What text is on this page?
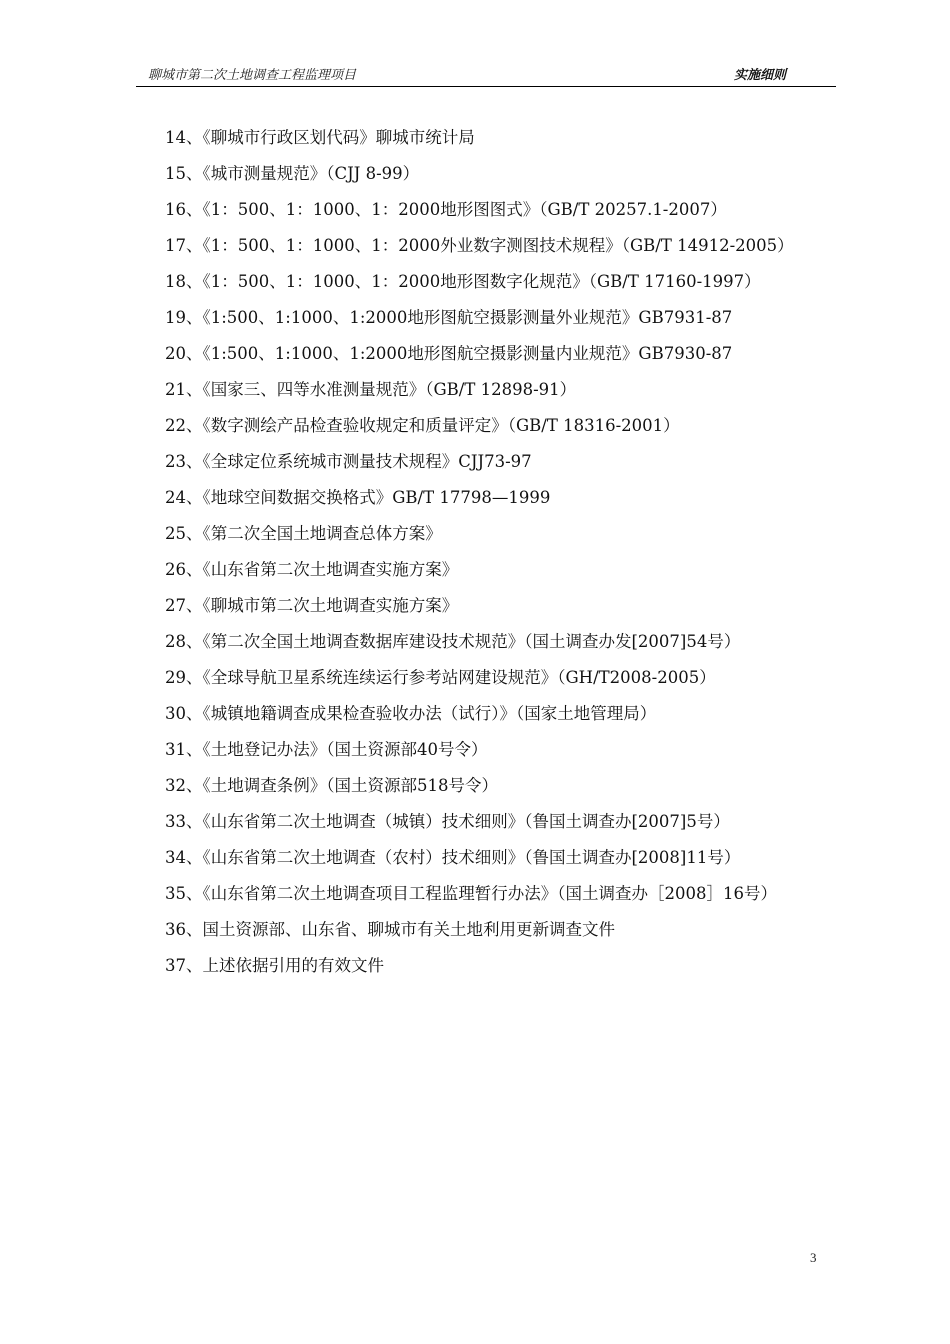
聊城市第二次土地调查工程监理项目	实施细则

14、《聊城市行政区划代码》聊城市统计局

15、《城市测量规范》（CJJ 8-99）

16、《1：500、1：1000、1：2000地形图图式》（GB/T 20257.1-2007）

17、《1：500、1：1000、1：2000外业数字测图技术规程》（GB/T 14912-2005）

18、《1：500、1：1000、1：2000地形图数字化规范》（GB/T 17160-1997）

19、《1:500、1:1000、1:2000地形图航空摄影测量外业规范》GB7931-87

20、《1:500、1:1000、1:2000地形图航空摄影测量内业规范》GB7930-87

21、《国家三、四等水准测量规范》（GB/T 12898-91）

22、《数字测绘产品检查验收规定和质量评定》（GB/T 18316-2001）

23、《全球定位系统城市测量技术规程》CJJ73-97

24、《地球空间数据交换格式》GB/T 17798—1999

25、《第二次全国土地调查总体方案》

26、《山东省第二次土地调查实施方案》

27、《聊城市第二次土地调查实施方案》

28、《第二次全国土地调查数据库建设技术规范》（国土调查办发[2007]54号）

29、《全球导航卫星系统连续运行参考站网建设规范》（GH/T2008-2005）

30、《城镇地籍调查成果检查验收办法（试行）》（国家土地管理局）

31、《土地登记办法》（国土资源部40号令）

32、《土地调查条例》（国土资源部518号令）

33、《山东省第二次土地调查（城镇）技术细则》（鲁国土调查办[2007]5号）

34、《山东省第二次土地调查（农村）技术细则》（鲁国土调查办[2008]11号）

35、《山东省第二次土地调查项目工程监理暂行办法》（国土调查办［2008］16号）

36、国土资源部、山东省、聊城市有关土地利用更新调查文件

37、上述依据引用的有效文件

3
